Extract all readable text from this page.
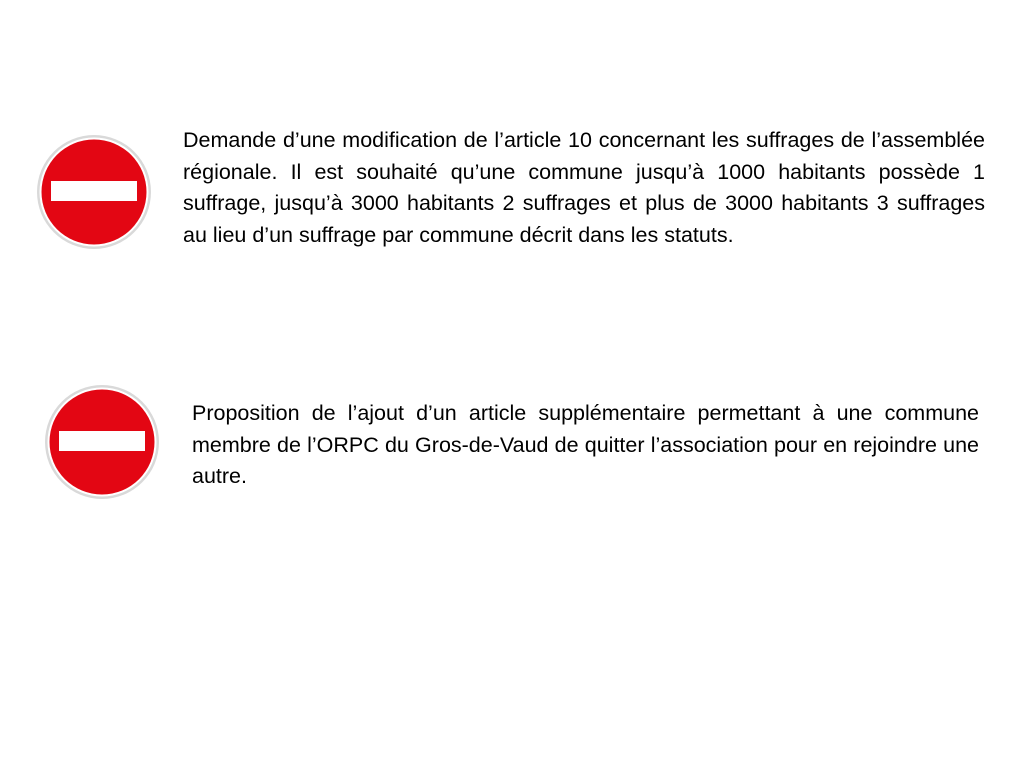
Demande d’une modification de l’article 10 concernant les suffrages de l’assemblée régionale. Il est souhaité qu’une commune jusqu’à 1000 habitants possède 1 suffrage, jusqu’à 3000 habitants 2 suffrages et plus de 3000 habitants 3 suffrages au lieu d’un suffrage par commune décrit dans les statuts.

Proposition de l’ajout d’un article supplémentaire permettant à une commune membre de l’ORPC du Gros-de-Vaud de quitter l’association pour en rejoindre une autre.
